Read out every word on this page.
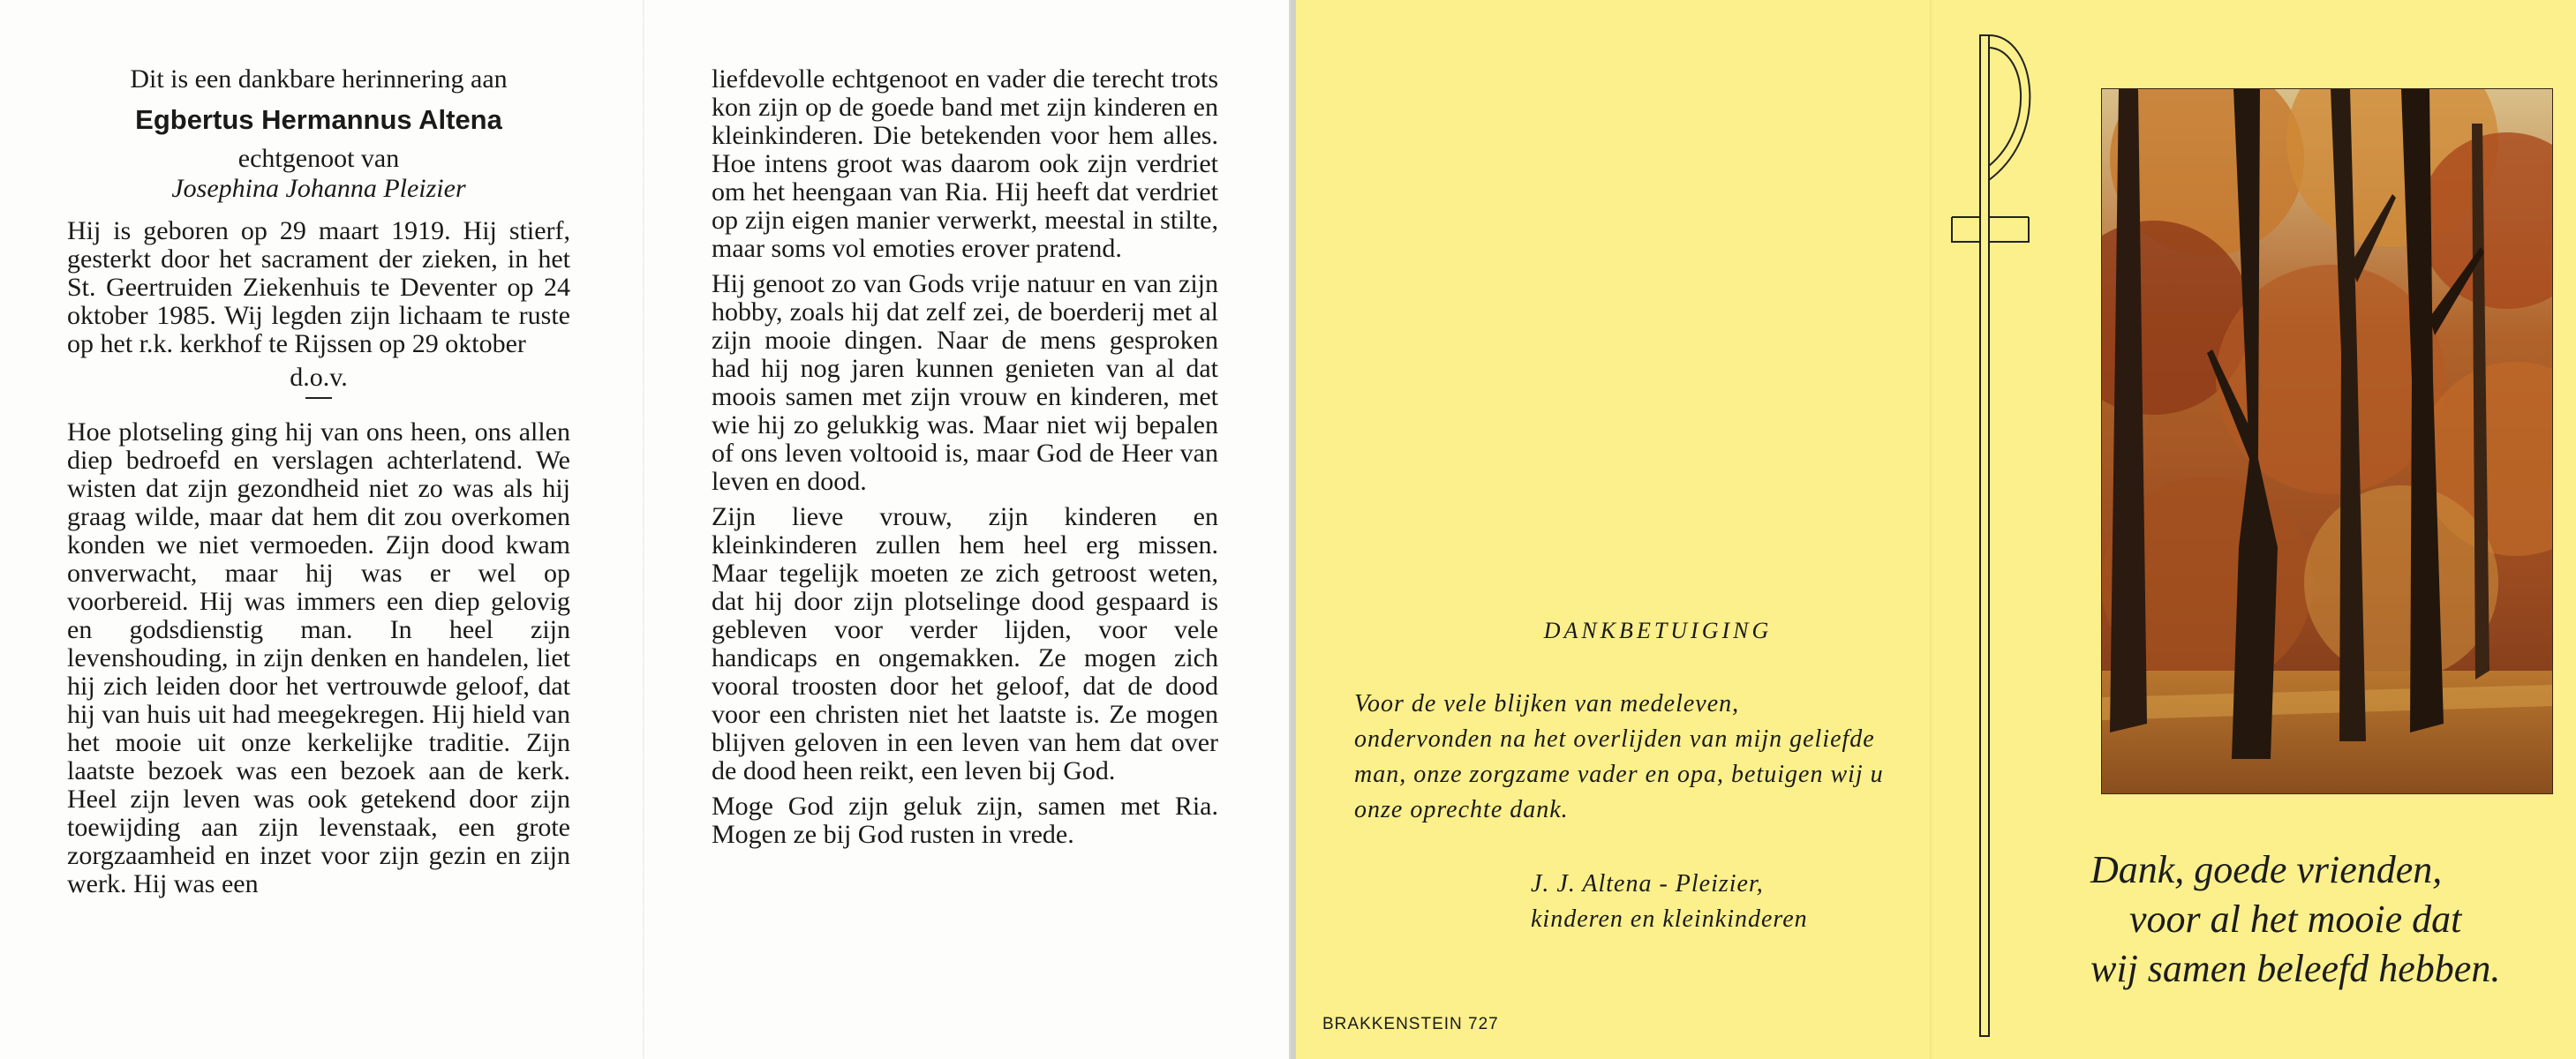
Dit is een dankbare herinnering aan
Egbertus Hermannus Altena
echtgenoot van
Josephina Johanna Pleizier

Hij is geboren op 29 maart 1919. Hij stierf, gesterkt door het sacrament der zieken, in het St. Geertruiden Ziekenhuis te Deventer op 24 oktober 1985. Wij legden zijn lichaam te ruste op het r.k. kerkhof te Rijssen op 29 oktober

d.o.v.

Hoe plotseling ging hij van ons heen, ons allen diep bedroefd en verslagen achterlatend. We wisten dat zijn gezondheid niet zo was als hij graag wilde, maar dat hem dit zou overkomen konden we niet vermoeden. Zijn dood kwam onverwacht, maar hij was er wel op voorbereid. Hij was immers een diep gelovig en godsdienstig man. In heel zijn levenshouding, in zijn denken en handelen, liet hij zich leiden door het vertrouwde geloof, dat hij van huis uit had meegekregen. Hij hield van het mooie uit onze kerkelijke traditie. Zijn laatste bezoek was een bezoek aan de kerk. Heel zijn leven was ook getekend door zijn toewijding aan zijn levenstaak, een grote zorgzaamheid en inzet voor zijn gezin en zijn werk. Hij was een

liefdevolle echtgenoot en vader die terecht trots kon zijn op de goede band met zijn kinderen en kleinkinderen. Die betekenden voor hem alles. Hoe intens groot was daarom ook zijn verdriet om het heengaan van Ria. Hij heeft dat verdriet op zijn eigen manier verwerkt, meestal in stilte, maar soms vol emoties erover pratend.

Hij genoot zo van Gods vrije natuur en van zijn hobby, zoals hij dat zelf zei, de boerderij met al zijn mooie dingen. Naar de mens gesproken had hij nog jaren kunnen genieten van al dat moois samen met zijn vrouw en kinderen, met wie hij zo gelukkig was. Maar niet wij bepalen of ons leven voltooid is, maar God de Heer van leven en dood.

Zijn lieve vrouw, zijn kinderen en kleinkinderen zullen hem heel erg missen. Maar tegelijk moeten ze zich getroost weten, dat hij door zijn plotselinge dood gespaard is gebleven voor verder lijden, voor vele handicaps en ongemakken. Ze mogen zich vooral troosten door het geloof, dat de dood voor een christen niet het laatste is. Ze mogen blijven geloven in een leven van hem dat over de dood heen reikt, een leven bij God.

Moge God zijn geluk zijn, samen met Ria. Mogen ze bij God rusten in vrede.

DANKBETUIGING
Voor de vele blijken van medeleven, ondervonden na het overlijden van mijn geliefde man, onze zorgzame vader en opa, betuigen wij u onze oprechte dank.
J. J. Altena - Pleizier,
kinderen en kleinkinderen
BRAKKENSTEIN 727
Dank, goede vrienden,
voor al het mooie dat
wij samen beleefd hebben.
